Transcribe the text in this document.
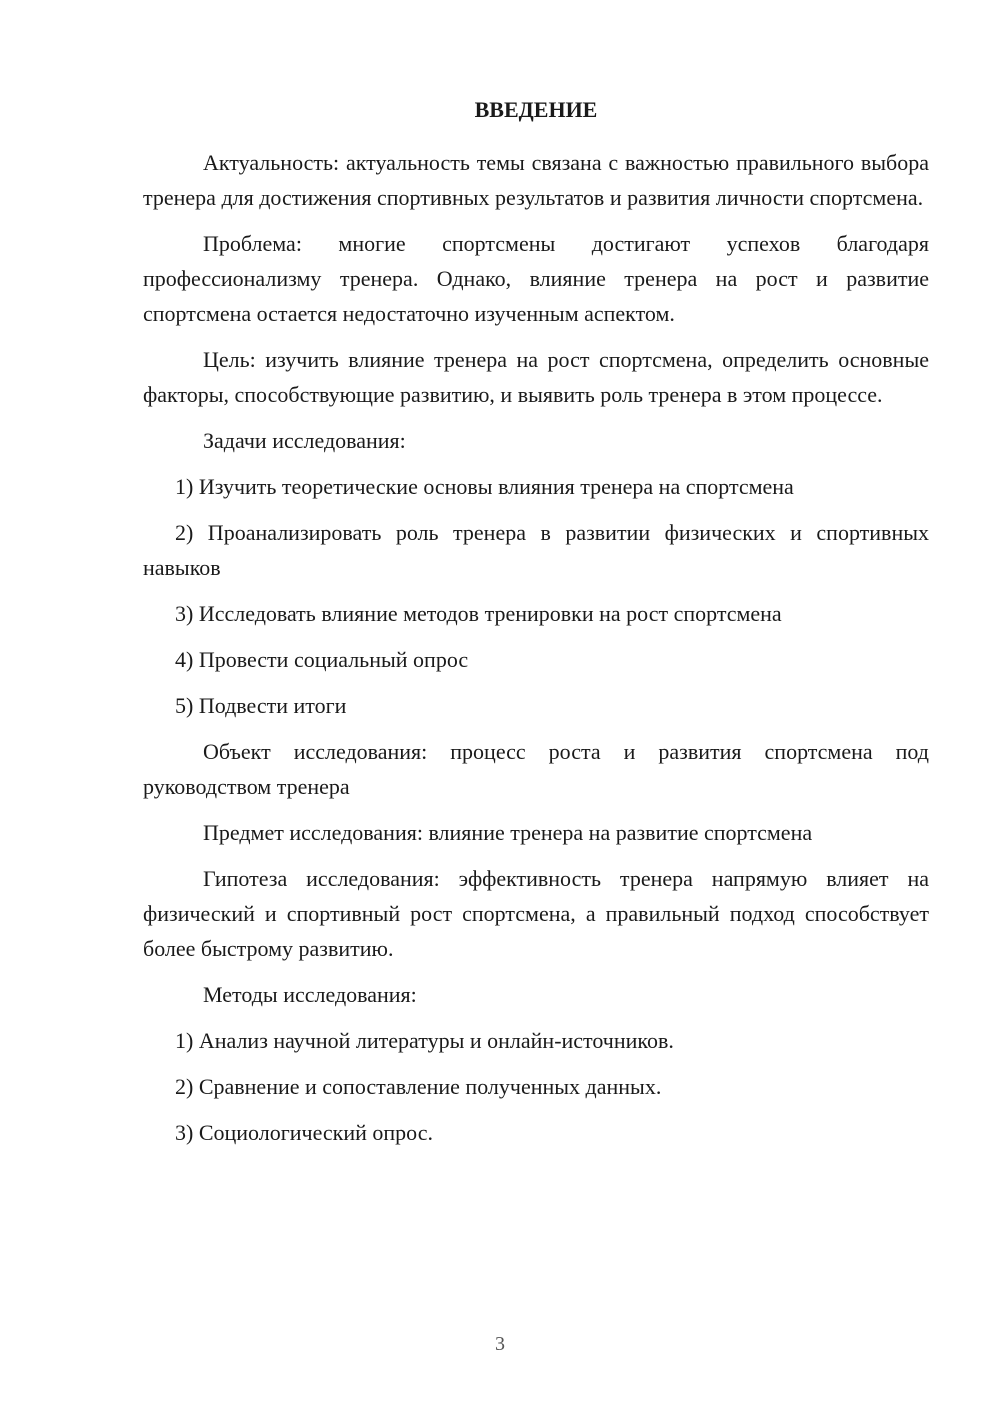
ВВЕДЕНИЕ

Актуальность: актуальность темы связана с важностью правильного выбора тренера для достижения спортивных результатов и развития личности спортсмена.

Проблема: многие спортсмены достигают успехов благодаря профессионализму тренера. Однако, влияние тренера на рост и развитие спортсмена остается недостаточно изученным аспектом.

Цель: изучить влияние тренера на рост спортсмена, определить основные факторы, способствующие развитию, и выявить роль тренера в этом процессе.

Задачи исследования:

1) Изучить теоретические основы влияния тренера на спортсмена

2) Проанализировать роль тренера в развитии физических и спортивных навыков

3) Исследовать влияние методов тренировки на рост спортсмена

4) Провести социальный опрос

5) Подвести итоги

Объект исследования: процесс роста и развития спортсмена под руководством тренера

Предмет исследования: влияние тренера на развитие спортсмена

Гипотеза исследования: эффективность тренера напрямую влияет на физический и спортивный рост спортсмена, а правильный подход способствует более быстрому развитию.

Методы исследования:

1) Анализ научной литературы и онлайн-источников.

2) Сравнение и сопоставление полученных данных.

3) Социологический опрос.

3
